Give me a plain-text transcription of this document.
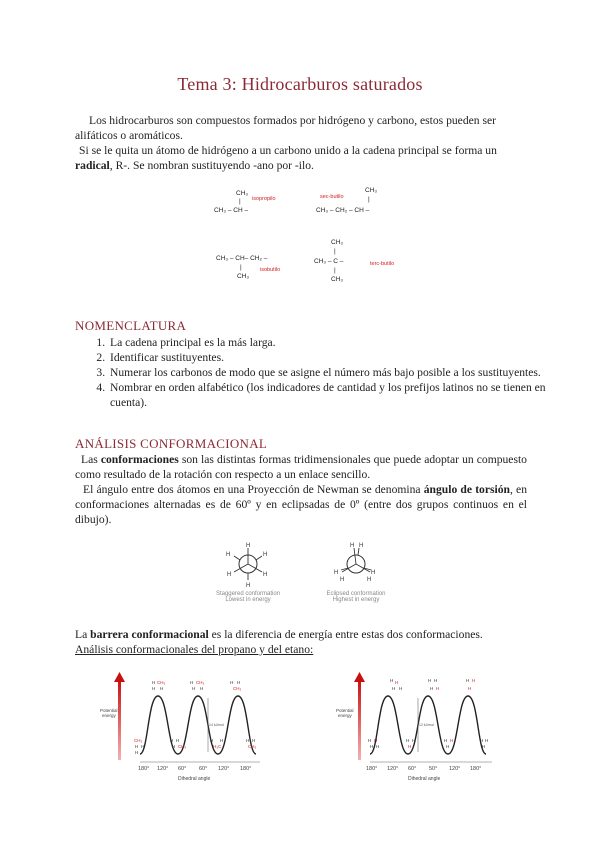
Tema 3: Hidrocarburos saturados
Los hidrocarburos son compuestos formados por hidrógeno y carbono, estos pueden ser alifáticos o aromáticos.
Si se le quita un átomo de hidrógeno a un carbono unido a la cadena principal se forma un radical, R-. Se nombran sustituyendo -ano por -ilo.
CH₃
|
CH₃ – CH –
isopropilo
CH₃
|
CH₃ – CH₂ – CH –
sec-butilo
CH₃ – CH– CH₂ –
|
CH₃
isobutilo
CH₃
|
CH₃ – C –
|
CH₃
terc-butilo
NOMENCLATURA
1. La cadena principal es la más larga.
2. Identificar sustituyentes.
3. Numerar los carbonos de modo que se asigne el número más bajo posible a los sustituyentes.
4. Nombrar en orden alfabético (los indicadores de cantidad y los prefijos latinos no se tienen en cuenta).
ANÁLISIS CONFORMACIONAL
Las conformaciones son las distintas formas tridimensionales que puede adoptar un compuesto como resultado de la rotación con respecto a un enlace sencillo.
El ángulo entre dos átomos en una Proyección de Newman se denomina ángulo de torsión, en conformaciones alternadas es de 60º y en eclipsadas de 0º (entre dos grupos continuos en el dibujo).
H
H	H
H	H
H
H H
H	H
H	H
Staggered conformation
Lowest in energy
Eclipsed conformation
Highest in energy
La barrera conformacional es la diferencia de energía entre estas dos conformaciones.
Análisis conformacionales del propano y del etano:
Potential
energy
14 kJ/mol
180° 120° 60° 60° 120° 180°
Dihedral angle
H CH₃
H H
H CH₃
H H
H H
CH₃
CH₃
H H
H
H H
H CH₃
H
H₃C
H	H H
CH₃
Potential
energy
12 kJ/mol
180° 120° 60° 50° 120° 180°
Dihedral angle
H H
H H
H H
H H
H H
H
H H
H H
H H
H
H H
H
H H
H
